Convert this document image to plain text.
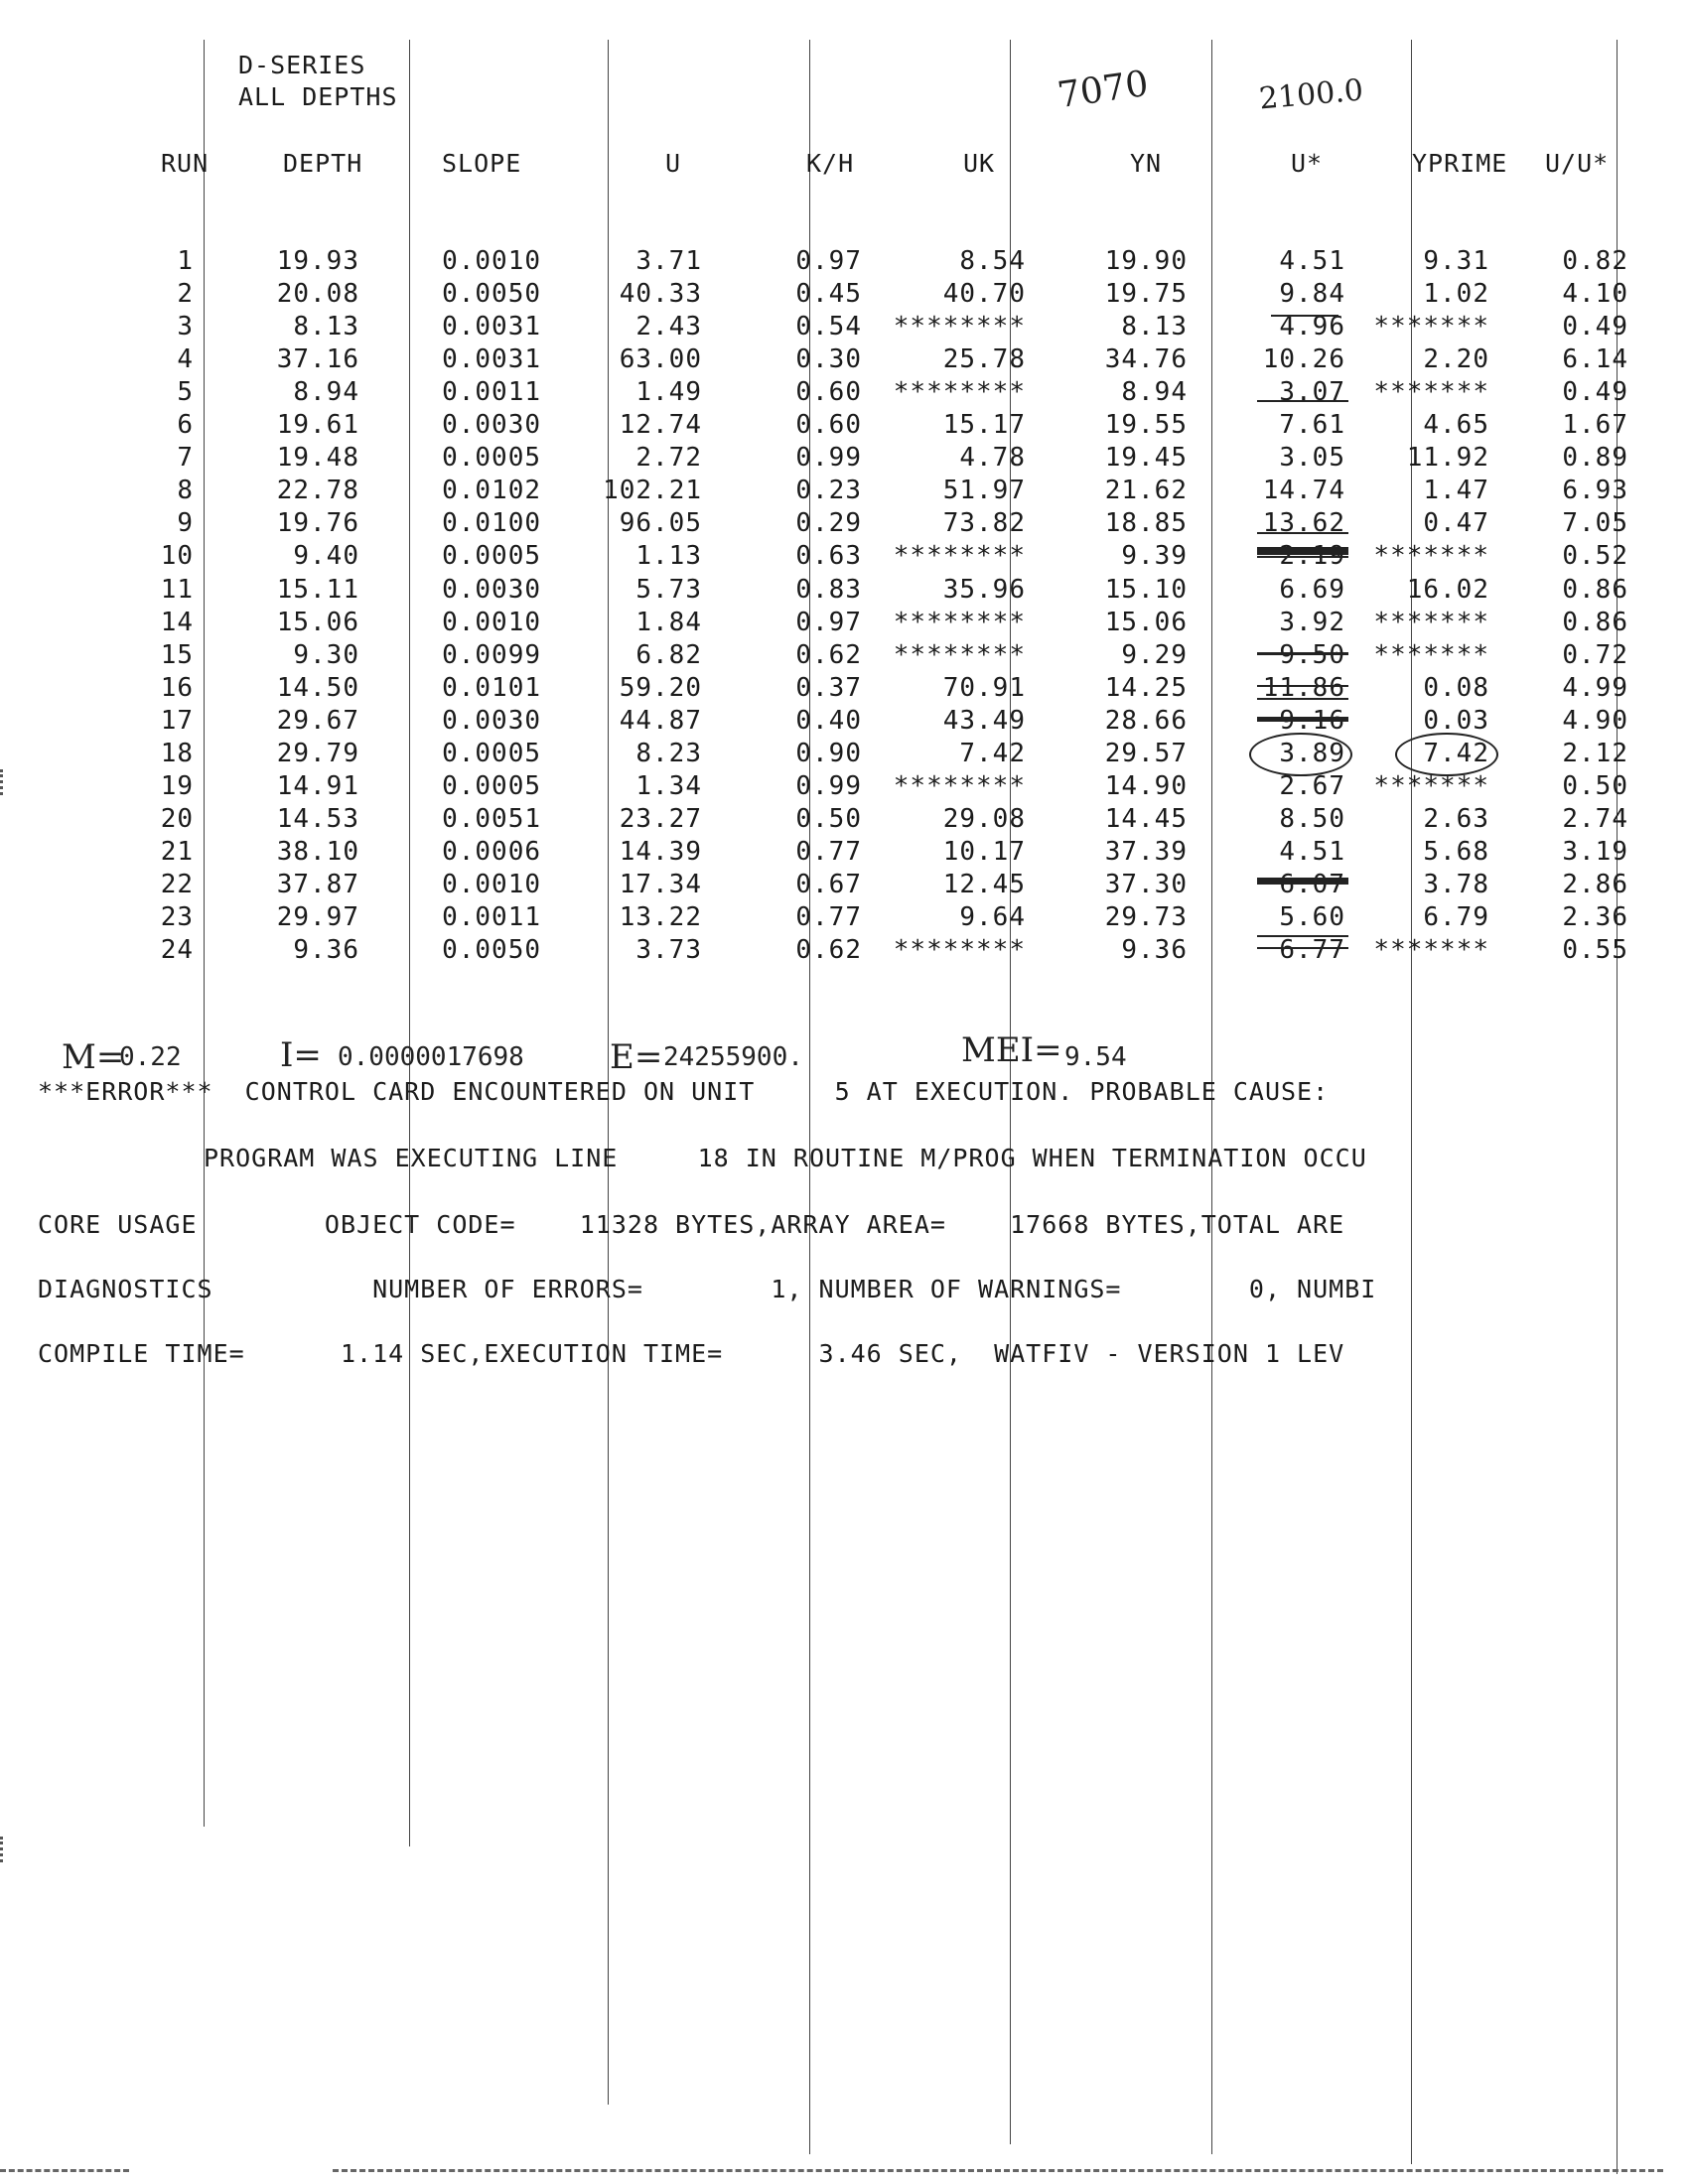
D-SERIES
ALL DEPTHS	7070	2100.0
RUN	DEPTH	SLOPE	U	K/H	UK	YN	U*	YPRIME U/U*
1	19.93	0.0010	3.71	0.97	8.54	19.90	4.51	9.31	0.82
2	20.08	0.0050	40.33	0.45	40.70	19.75	9.84	1.02	4.10
3	8.13	0.0031	2.43	0.54 ********	8.13	4.96 *******	0.49
4	37.16	0.0031	63.00	0.30	25.78	34.76	10.26	2.20	6.14
5	8.94	0.0011	1.49	0.60 ********	8.94	3.07 *******	0.49
6	19.61	0.0030	12.74	0.60	15.17	19.55	7.61	4.65	1.67
7	19.48	0.0005	2.72	0.99	4.78	19.45	3.05 11.92	0.89
8	22.78	0.0102 102.21	0.23	51.97	21.62	14.74	1.47	6.93
9	19.76	0.0100	96.05	0.29	73.82	18.85	13.62	0.47	7.05
10	9.40	0.0005	1.13	0.63 ********	9.39	2.19 *******	0.52
11	15.11	0.0030	5.73	0.83	35.96	15.10	6.69 16.02	0.86
14	15.06	0.0010	1.84	0.97 ********	15.06	3.92 *******	0.86
15	9.30	0.0099	6.82	0.62 ********	9.29	9.50 *******	0.72
16	14.50	0.0101	59.20	0.37	70.91	14.25	11.86	0.08	4.99
17	29.67	0.0030	44.87	0.40	43.49	28.66	9.16	0.03	4.90
18	29.79	0.0005	8.23	0.90	7.42	29.57	3.89	7.42	2.12
19	14.91	0.0005	1.34	0.99 ********	14.90	2.67 *******	0.50
20	14.53	0.0051	23.27	0.50	29.08	14.45	8.50	2.63	2.74
21	38.10	0.0006	14.39	0.77	10.17	37.39	4.51	5.68	3.19
22	37.87	0.0010	17.34	0.67	12.45	37.30	6.07	3.78	2.86
23	29.97	0.0011	13.22	0.77	9.64	29.73	5.60	6.79	2.36
24	9.36	0.0050	3.73	0.62 ********	9.36	6.77 *******	0.55
M=
0.22	I= 0.0000017698	E= 24255900.	MEI= 9.54
***ERROR***  CONTROL CARD ENCOUNTERED ON UNIT     5 AT EXECUTION. PROBABLE CAUSE:
PROGRAM WAS EXECUTING LINE     18 IN ROUTINE M/PROG WHEN TERMINATION OCCU
CORE USAGE        OBJECT CODE=    11328 BYTES,ARRAY AREA=    17668 BYTES,TOTAL ARE
DIAGNOSTICS          NUMBER OF ERRORS=        1, NUMBER OF WARNINGS=        0, NUMBI
COMPILE TIME=      1.14 SEC,EXECUTION TIME=      3.46 SEC,  WATFIV - VERSION 1 LEV
